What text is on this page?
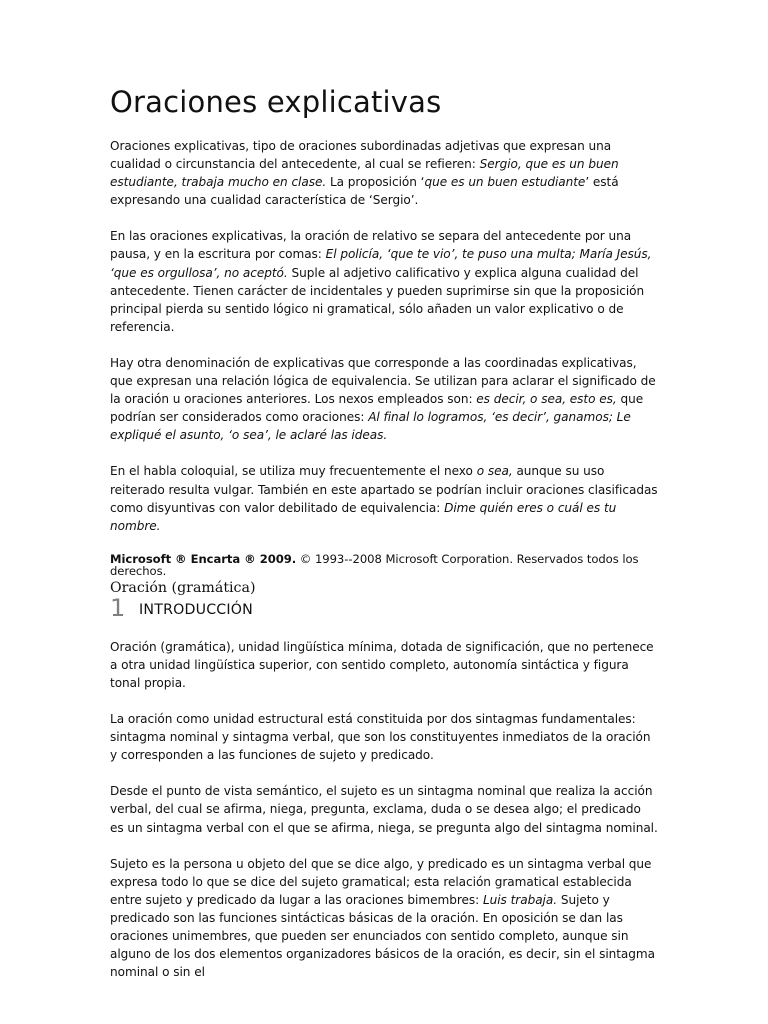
Oraciones explicativas

Oraciones explicativas, tipo de oraciones subordinadas adjetivas que expresan una cualidad o circunstancia del antecedente, al cual se refieren: Sergio, que es un buen estudiante, trabaja mucho en clase. La proposición ‘que es un buen estudiante’ está expresando una cualidad característica de ‘Sergio’.

En las oraciones explicativas, la oración de relativo se separa del antecedente por una pausa, y en la escritura por comas: El policía, ‘que te vio’, te puso una multa; María Jesús, ‘que es orgullosa’, no aceptó. Suple al adjetivo calificativo y explica alguna cualidad del antecedente. Tienen carácter de incidentales y pueden suprimirse sin que la proposición principal pierda su sentido lógico ni gramatical, sólo añaden un valor explicativo o de referencia.

Hay otra denominación de explicativas que corresponde a las coordinadas explicativas, que expresan una relación lógica de equivalencia. Se utilizan para aclarar el significado de la oración u oraciones anteriores. Los nexos empleados son: es decir, o sea, esto es, que podrían ser considerados como oraciones: Al final lo logramos, ‘es decir’, ganamos; Le expliqué el asunto, ‘o sea’, le aclaré las ideas.

En el habla coloquial, se utiliza muy frecuentemente el nexo o sea, aunque su uso reiterado resulta vulgar. También en este apartado se podrían incluir oraciones clasificadas como disyuntivas con valor debilitado de equivalencia: Dime quién eres o cuál es tu nombre.

Microsoft ® Encarta ® 2009. © 1993--2008 Microsoft Corporation. Reservados todos los derechos.

Oración (gramática)
1 INTRODUCCIÓN

Oración (gramática), unidad lingüística mínima, dotada de significación, que no pertenece a otra unidad lingüística superior, con sentido completo, autonomía sintáctica y figura tonal propia.

La oración como unidad estructural está constituida por dos sintagmas fundamentales: sintagma nominal y sintagma verbal, que son los constituyentes inmediatos de la oración y corresponden a las funciones de sujeto y predicado.

Desde el punto de vista semántico, el sujeto es un sintagma nominal que realiza la acción verbal, del cual se afirma, niega, pregunta, exclama, duda o se desea algo; el predicado es un sintagma verbal con el que se afirma, niega, se pregunta algo del sintagma nominal.

Sujeto es la persona u objeto del que se dice algo, y predicado es un sintagma verbal que expresa todo lo que se dice del sujeto gramatical; esta relación gramatical establecida entre sujeto y predicado da lugar a las oraciones bimembres: Luis trabaja. Sujeto y predicado son las funciones sintácticas básicas de la oración. En oposición se dan las oraciones unimembres, que pueden ser enunciados con sentido completo, aunque sin alguno de los dos elementos organizadores básicos de la oración, es decir, sin el sintagma nominal o sin el
